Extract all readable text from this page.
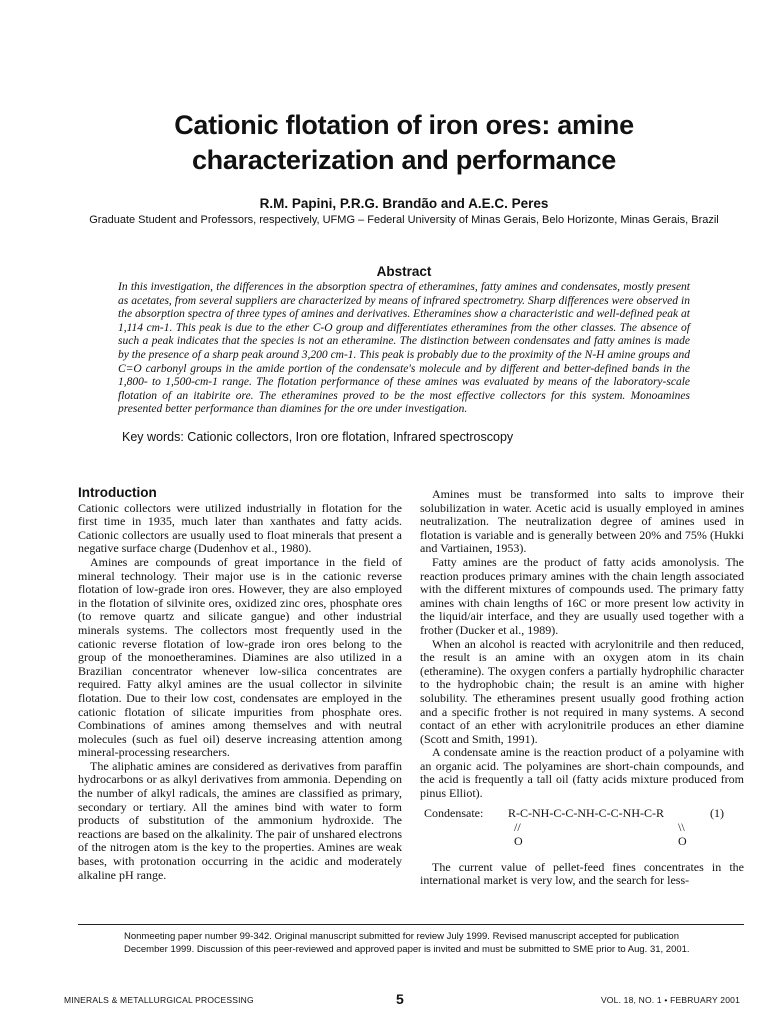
Cationic flotation of iron ores: amine characterization and performance

R.M. Papini, P.R.G. Brandão and A.E.C. Peres

Graduate Student and Professors, respectively, UFMG – Federal University of Minas Gerais, Belo Horizonte, Minas Gerais, Brazil

Abstract

In this investigation, the differences in the absorption spectra of etheramines, fatty amines and condensates, mostly present as acetates, from several suppliers are characterized by means of infrared spectrometry. Sharp differences were observed in the absorption spectra of three types of amines and derivatives. Etheramines show a characteristic and well-defined peak at 1,114 cm-1. This peak is due to the ether C-O group and differentiates etheramines from the other classes. The absence of such a peak indicates that the species is not an etheramine. The distinction between condensates and fatty amines is made by the presence of a sharp peak around 3,200 cm-1. This peak is probably due to the proximity of the N-H amine groups and C=O carbonyl groups in the amide portion of the condensate's molecule and by different and better-defined bands in the 1,800- to 1,500-cm-1 range. The flotation performance of these amines was evaluated by means of the laboratory-scale flotation of an itabirite ore. The etheramines proved to be the most effective collectors for this system. Monoamines presented better performance than diamines for the ore under investigation.

Key words: Cationic collectors, Iron ore flotation, Infrared spectroscopy

Introduction

Cationic collectors were utilized industrially in flotation for the first time in 1935, much later than xanthates and fatty acids. Cationic collectors are usually used to float minerals that present a negative surface charge (Dudenhov et al., 1980).

Amines are compounds of great importance in the field of mineral technology. Their major use is in the cationic reverse flotation of low-grade iron ores. However, they are also employed in the flotation of silvinite ores, oxidized zinc ores, phosphate ores (to remove quartz and silicate gangue) and other industrial minerals systems. The collectors most frequently used in the cationic reverse flotation of low-grade iron ores belong to the group of the monoetheramines. Diamines are also utilized in a Brazilian concentrator whenever low-silica concentrates are required. Fatty alkyl amines are the usual collector in silvinite flotation. Due to their low cost, condensates are employed in the cationic flotation of silicate impurities from phosphate ores. Combinations of amines among themselves and with neutral molecules (such as fuel oil) deserve increasing attention among mineral-processing researchers.

The aliphatic amines are considered as derivatives from paraffin hydrocarbons or as alkyl derivatives from ammonia. Depending on the number of alkyl radicals, the amines are classified as primary, secondary or tertiary. All the amines bind with water to form products of substitution of the ammonium hydroxide. The reactions are based on the alkalinity. The pair of unshared electrons of the nitrogen atom is the key to the properties. Amines are weak bases, with protonation occurring in the acidic and moderately alkaline pH range.

Amines must be transformed into salts to improve their solubilization in water. Acetic acid is usually employed in amines neutralization. The neutralization degree of amines used in flotation is variable and is generally between 20% and 75% (Hukki and Vartiainen, 1953).

Fatty amines are the product of fatty acids amonolysis. The reaction produces primary amines with the chain length associated with the different mixtures of compounds used. The primary fatty amines with chain lengths of 16C or more present low activity in the liquid/air interface, and they are usually used together with a frother (Ducker et al., 1989).

When an alcohol is reacted with acrylonitrile and then reduced, the result is an amine with an oxygen atom in its chain (etheramine). The oxygen confers a partially hydrophilic character to the hydrophobic chain; the result is an amine with higher solubility. The etheramines present usually good frothing action and a specific frother is not required in many systems. A second contact of an ether with acrylonitrile produces an ether diamine (Scott and Smith, 1991).

A condensate amine is the reaction product of a polyamine with an organic acid. The polyamines are short-chain compounds, and the acid is frequently a tall oil (fatty acids mixture produced from pinus Elliot).

Condensate: R-C-NH-C-C-NH-C-C-NH-C-R	(1)
//	\\
O	O

The current value of pellet-feed fines concentrates in the international market is very low, and the search for less-

Nonmeeting paper number 99-342. Original manuscript submitted for review July 1999. Revised manuscript accepted for publication December 1999. Discussion of this peer-reviewed and approved paper is invited and must be submitted to SME prior to Aug. 31, 2001.

MINERALS & METALLURGICAL PROCESSING	5	VOL. 18, NO. 1 • FEBRUARY 2001
